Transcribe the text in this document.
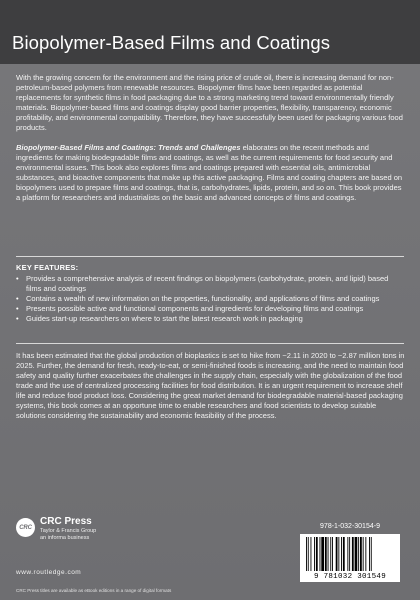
Biopolymer-Based Films and Coatings

With the growing concern for the environment and the rising price of crude oil, there is increasing demand for non-petroleum-based polymers from renewable resources. Biopolymer films have been regarded as potential replacements for synthetic films in food packaging due to a strong marketing trend toward environmentally friendly materials. Biopolymer-based films and coatings display good barrier properties, flexibility, transparency, economic profitability, and environmental compatibility. Therefore, they have successfully been used for packaging various food products.

Biopolymer-Based Films and Coatings: Trends and Challenges elaborates on the recent methods and ingredients for making biodegradable films and coatings, as well as the current requirements for food security and environmental issues. This book also explores films and coatings prepared with essential oils, antimicrobial substances, and bioactive components that make up this active packaging. Films and coating chapters are based on biopolymers used to prepare films and coatings, that is, carbohydrates, lipids, protein, and so on. This book provides a platform for researchers and industrialists on the basic and advanced concepts of films and coatings.

KEY FEATURES:
• Provides a comprehensive analysis of recent findings on biopolymers (carbohydrate, protein, and lipid) based films and coatings
• Contains a wealth of new information on the properties, functionality, and applications of films and coatings
• Presents possible active and functional components and ingredients for developing films and coatings
• Guides start-up researchers on where to start the latest research work in packaging

It has been estimated that the global production of bioplastics is set to hike from ~2.11 in 2020 to ~2.87 million tons in 2025. Further, the demand for fresh, ready-to-eat, or semi-finished foods is increasing, and the need to maintain food safety and quality further exacerbates the challenges in the supply chain, especially with the globalization of the food trade and the use of centralized processing facilities for food distribution. It is an urgent requirement to increase shelf life and reduce food product loss. Considering the great market demand for biodegradable material-based packaging systems, this book comes at an opportune time to enable researchers and food scientists to develop suitable solutions considering the sustainability and economic feasibility of the process.

CRC
CRC Press
Taylor & Francis Group
an informa business
www.routledge.com
CRC Press titles are available as eBook editions in a range of digital formats
978-1-032-30154-9
9 781032 301549
